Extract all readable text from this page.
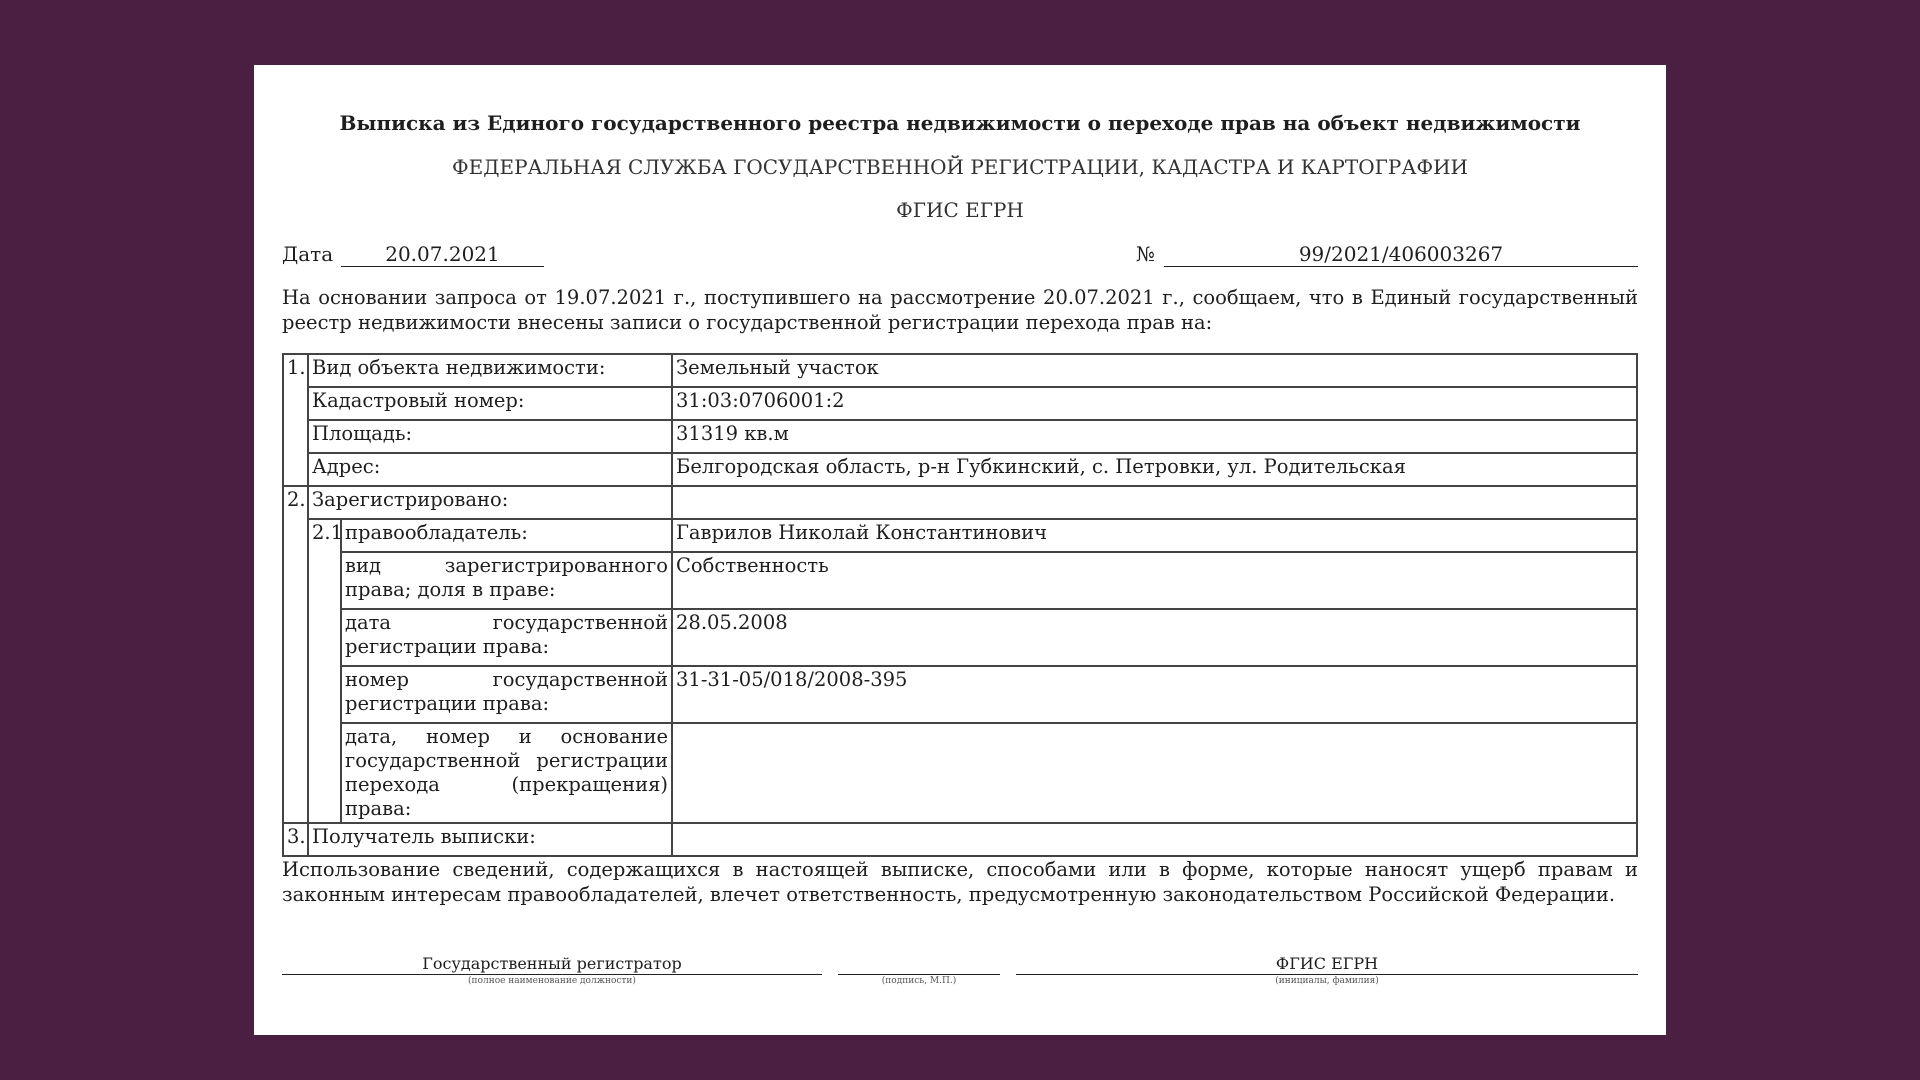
Выписка из Единого государственного реестра недвижимости о переходе прав на объект недвижимости
ФЕДЕРАЛЬНАЯ СЛУЖБА ГОСУДАРСТВЕННОЙ РЕГИСТРАЦИИ, КАДАСТРА И КАРТОГРАФИИ
ФГИС ЕГРН
Дата	20.07.2021	№	99/2021/406003267
На основании запроса от 19.07.2021 г., поступившего на рассмотрение 20.07.2021 г., сообщаем, что в Единый государственный реестр недвижимости внесены записи о государственной регистрации перехода прав на:
1.	Вид объекта недвижимости:		Земельный участок
	Кадастровый номер:		31:03:0706001:2
	Площадь:		31319 кв.м
	Адрес:		Белгородская область, р-н Губкинский, с. Петровки, ул. Родительская
2.	Зарегистрировано:		
	2.1	правообладатель:	Гаврилов Николай Константинович
		вид зарегистрированного права; доля в праве:	Собственность
		дата государственной регистрации права:	28.05.2008
		номер государственной регистрации права:	31-31-05/018/2008-395
		дата, номер и основание государственной регистрации перехода (прекращения) права:	
3.	Получатель выписки:		
Использование сведений, содержащихся в настоящей выписке, способами или в форме, которые наносят ущерб правам и законным интересам правообладателей, влечет ответственность, предусмотренную законодательством Российской Федерации.
Государственный регистратор
(полное наименование должности)	(подпись, М.П.)
ФГИС ЕГРН
(инициалы, фамилия)
